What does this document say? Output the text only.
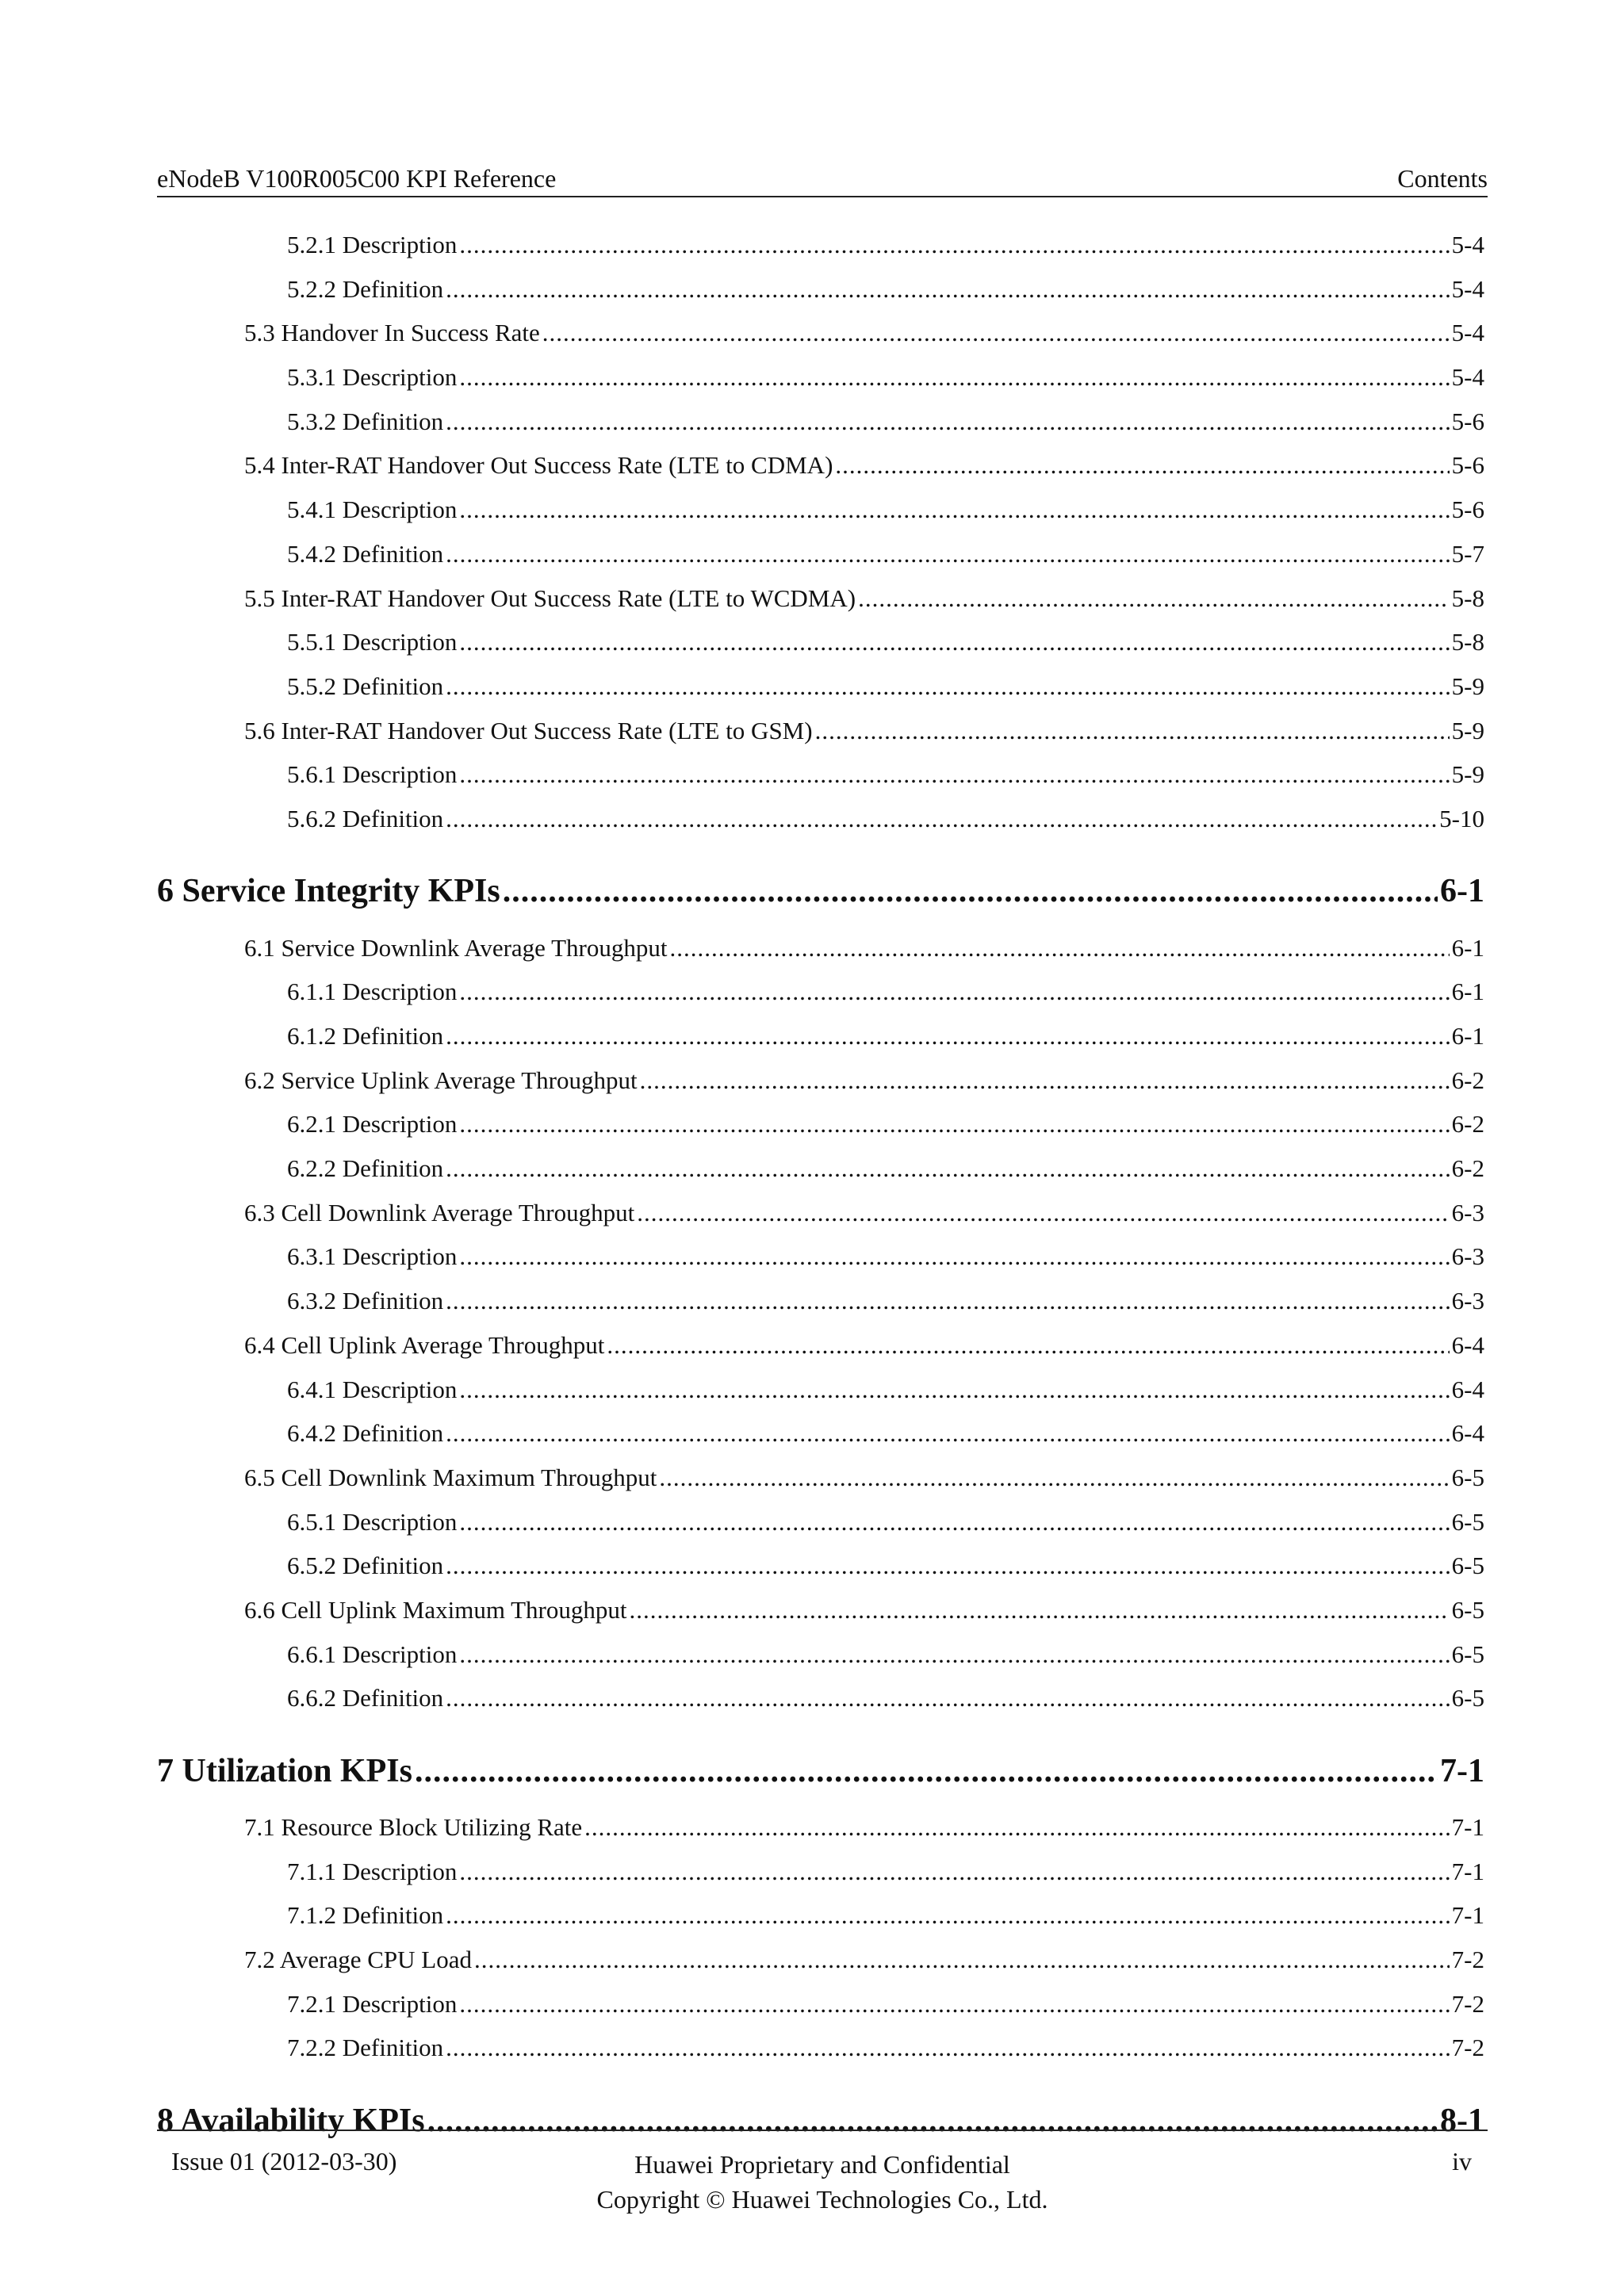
eNodeB V100R005C00 KPI Reference	Contents
5.2.1 Description .....	5-4
5.2.2 Definition .....	5-4
5.3 Handover In Success Rate .....	5-4
5.3.1 Description .....	5-4
5.3.2 Definition .....	5-6
5.4 Inter-RAT Handover Out Success Rate (LTE to CDMA) .....	5-6
5.4.1 Description .....	5-6
5.4.2 Definition .....	5-7
5.5 Inter-RAT Handover Out Success Rate (LTE to WCDMA) .....	5-8
5.5.1 Description .....	5-8
5.5.2 Definition .....	5-9
5.6 Inter-RAT Handover Out Success Rate (LTE to GSM) .....	5-9
5.6.1 Description .....	5-9
5.6.2 Definition .....	5-10
6 Service Integrity KPIs .....	6-1
6.1 Service Downlink Average Throughput .....	6-1
6.1.1 Description .....	6-1
6.1.2 Definition .....	6-1
6.2 Service Uplink Average Throughput .....	6-2
6.2.1 Description .....	6-2
6.2.2 Definition .....	6-2
6.3 Cell Downlink Average Throughput .....	6-3
6.3.1 Description .....	6-3
6.3.2 Definition .....	6-3
6.4 Cell Uplink Average Throughput .....	6-4
6.4.1 Description .....	6-4
6.4.2 Definition .....	6-4
6.5 Cell Downlink Maximum Throughput .....	6-5
6.5.1 Description .....	6-5
6.5.2 Definition .....	6-5
6.6 Cell Uplink Maximum Throughput .....	6-5
6.6.1 Description .....	6-5
6.6.2 Definition .....	6-5
7 Utilization KPIs .....	7-1
7.1 Resource Block Utilizing Rate .....	7-1
7.1.1 Description .....	7-1
7.1.2 Definition .....	7-1
7.2 Average CPU Load .....	7-2
7.2.1 Description .....	7-2
7.2.2 Definition .....	7-2
8 Availability KPIs .....	8-1
Issue 01 (2012-03-30)	Huawei Proprietary and Confidential
Copyright © Huawei Technologies Co., Ltd.
iv
